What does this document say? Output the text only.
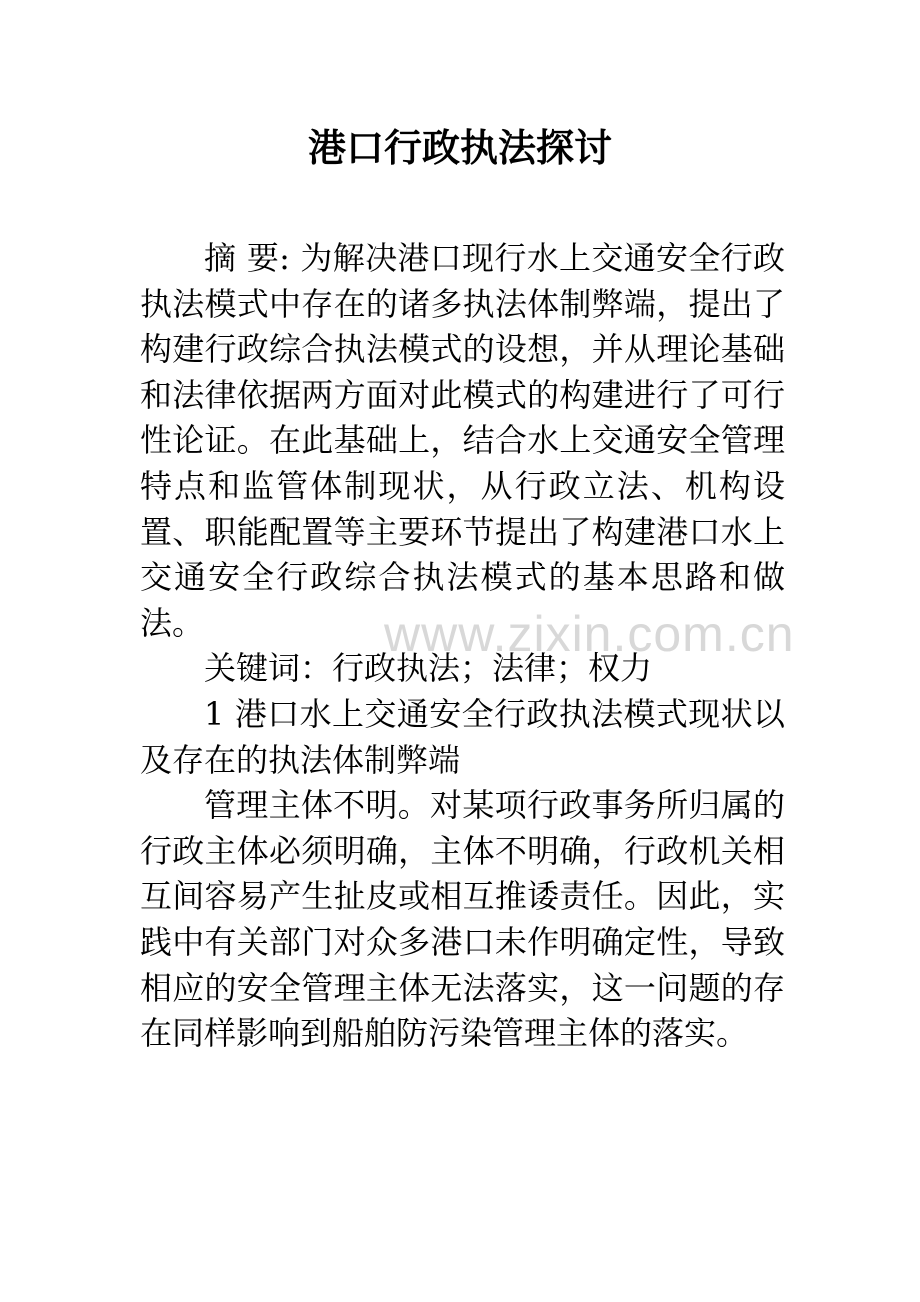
港口行政执法探讨

摘 要: 为解决港口现行水上交通安全行政执法模式中存在的诸多执法体制弊端，提出了构建行政综合执法模式的设想，并从理论基础和法律依据两方面对此模式的构建进行了可行性论证。在此基础上，结合水上交通安全管理特点和监管体制现状，从行政立法、机构设置、职能配置等主要环节提出了构建港口水上交通安全行政综合执法模式的基本思路和做法。

关键词：行政执法；法律；权力

1 港口水上交通安全行政执法模式现状以及存在的执法体制弊端

管理主体不明。对某项行政事务所归属的行政主体必须明确，主体不明确，行政机关相互间容易产生扯皮或相互推诿责任。因此，实践中有关部门对众多港口未作明确定性，导致相应的安全管理主体无法落实，这一问题的存在同样影响到船舶防污染管理主体的落实。

www.zixin.com.cn
